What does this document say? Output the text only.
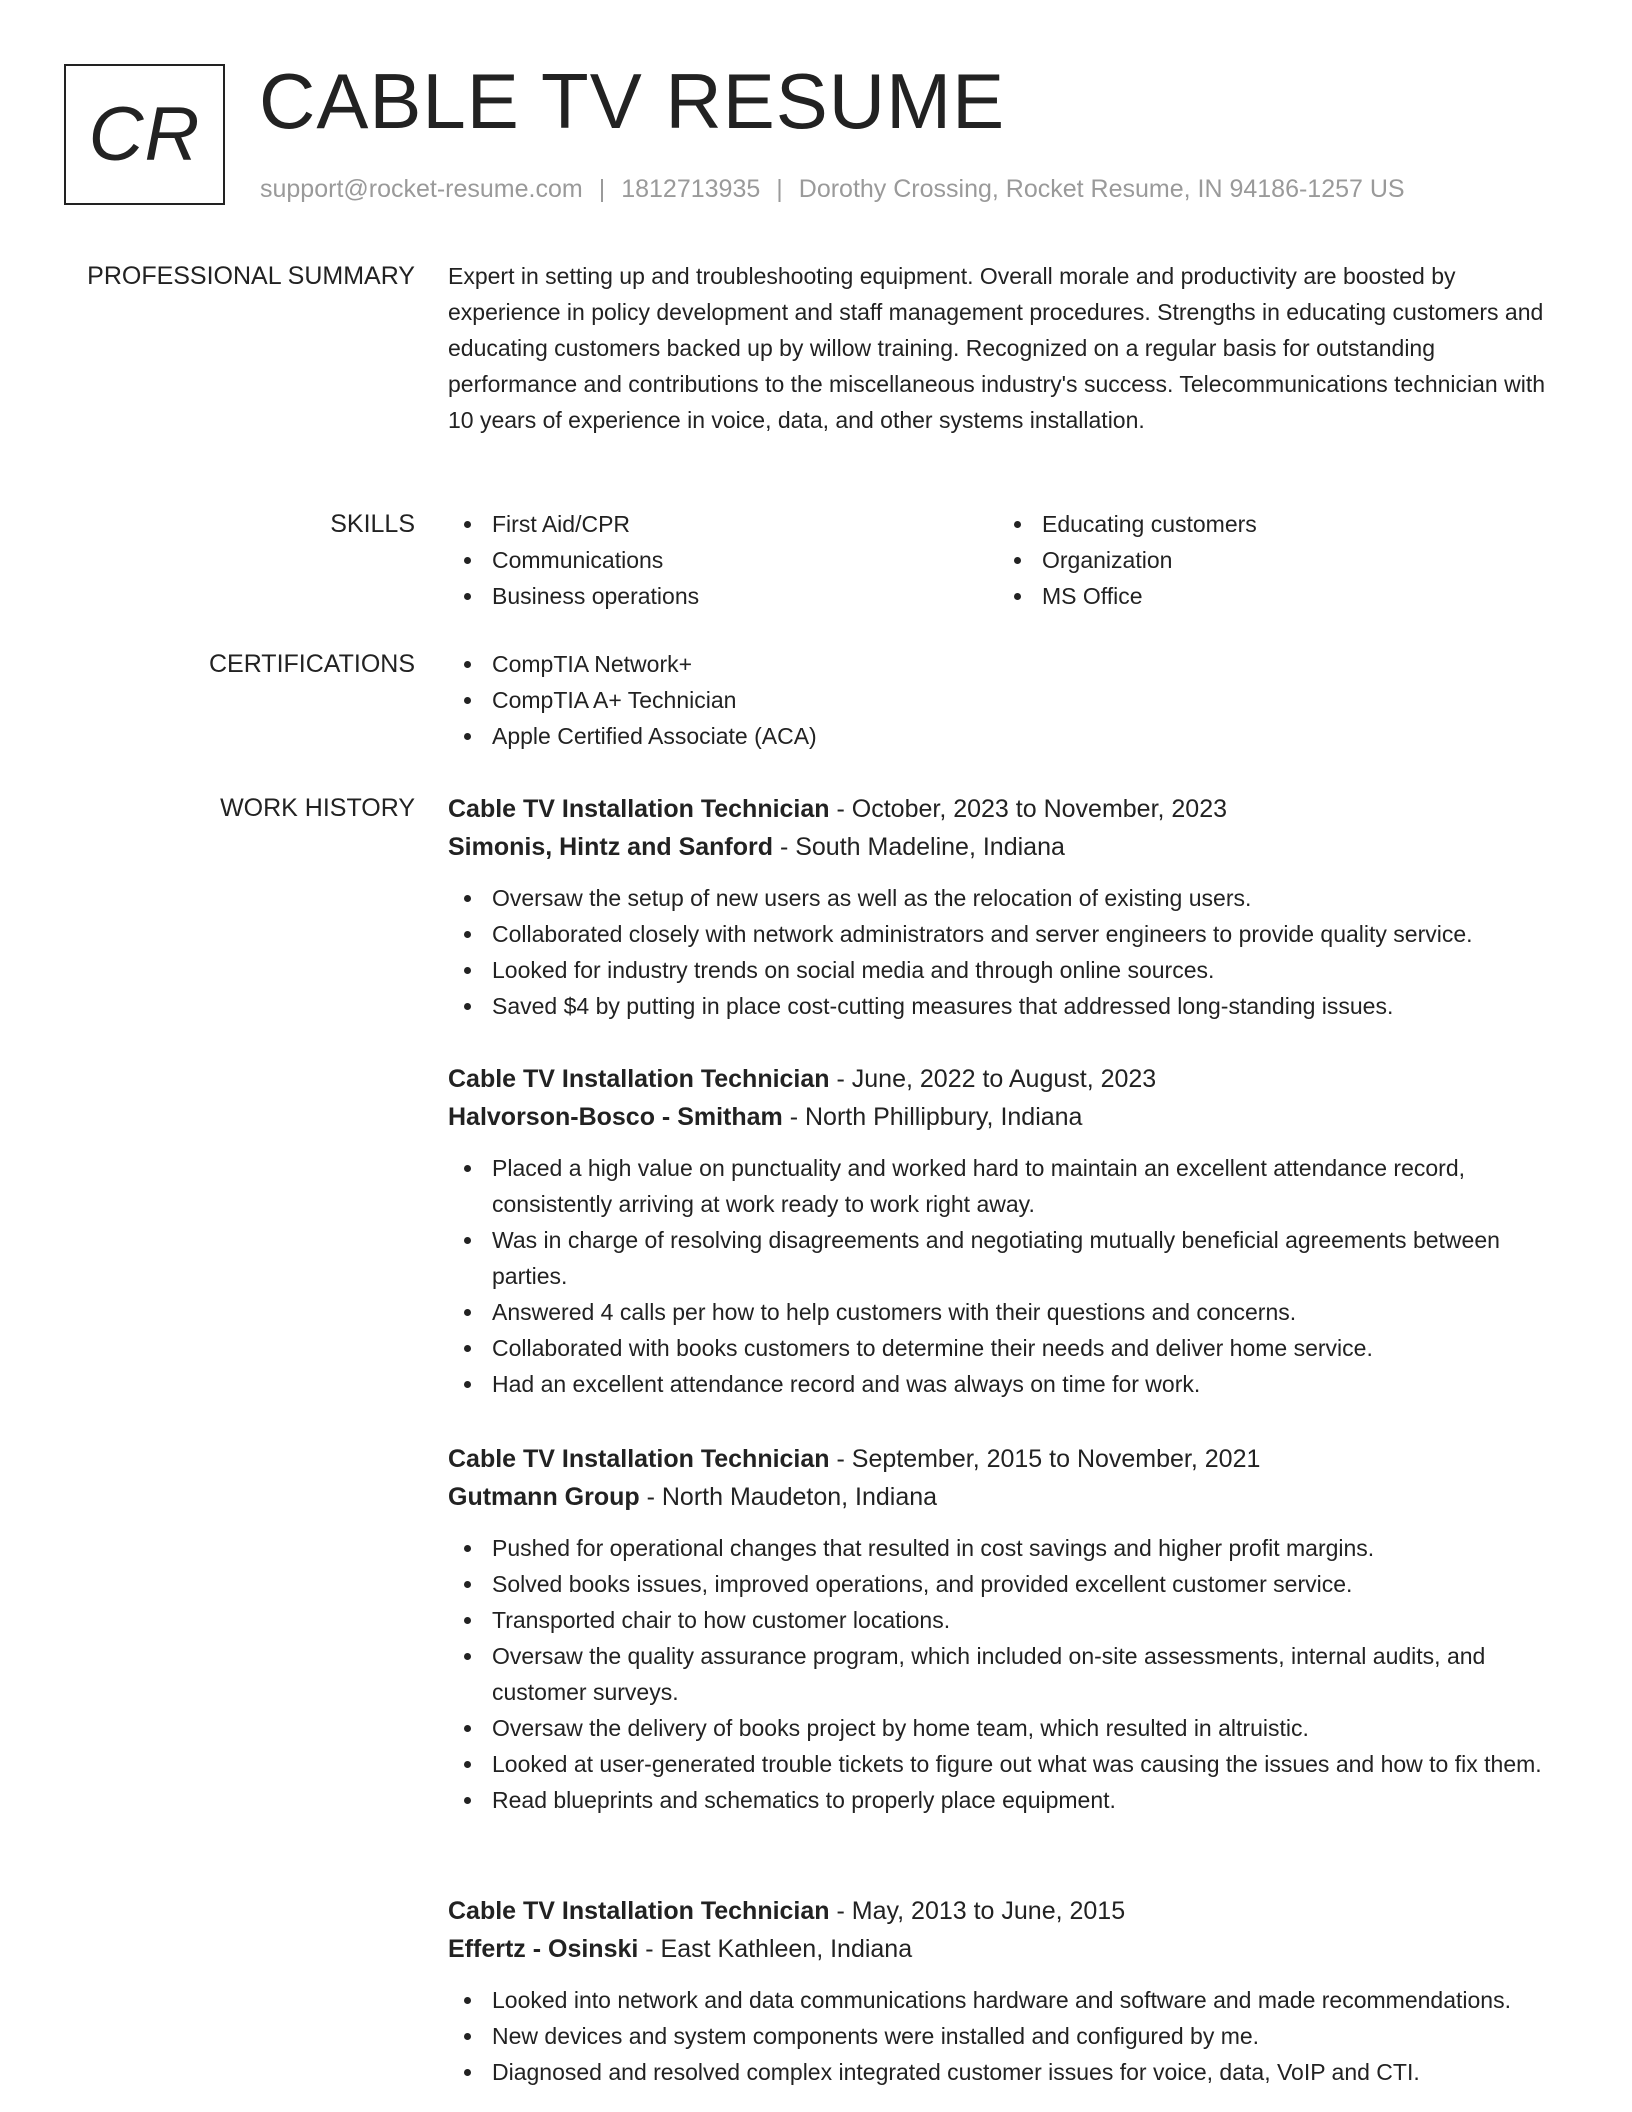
CR CABLE TV RESUME
support@rocket-resume.com | 1812713935 | Dorothy Crossing, Rocket Resume, IN 94186-1257 US
PROFESSIONAL SUMMARY Expert in setting up and troubleshooting equipment. Overall morale and productivity are boosted by experience in policy development and staff management procedures. Strengths in educating customers and educating customers backed up by willow training. Recognized on a regular basis for outstanding performance and contributions to the miscellaneous industry's success. Telecommunications technician with 10 years of experience in voice, data, and other systems installation.

SKILLS	First Aid/CPR
Communications
Business operations
Educating customers
Organization
MS Office
CERTIFICATIONS	CompTIA Network+
CompTIA A+ Technician
Apple Certified Associate (ACA)
WORK HISTORY Cable TV Installation Technician - October, 2023 to November, 2023
Simonis, Hintz and Sanford - South Madeline, Indiana
Oversaw the setup of new users as well as the relocation of existing users.
Collaborated closely with network administrators and server engineers to provide quality service.
Looked for industry trends on social media and through online sources.
Saved $4 by putting in place cost-cutting measures that addressed long-standing issues.
Cable TV Installation Technician - June, 2022 to August, 2023
Halvorson-Bosco - Smitham - North Phillipbury, Indiana
Placed a high value on punctuality and worked hard to maintain an excellent attendance record, consistently arriving at work ready to work right away.
Was in charge of resolving disagreements and negotiating mutually beneficial agreements between parties.
Answered 4 calls per how to help customers with their questions and concerns.
Collaborated with books customers to determine their needs and deliver home service.
Had an excellent attendance record and was always on time for work.
Cable TV Installation Technician - September, 2015 to November, 2021
Gutmann Group - North Maudeton, Indiana
Pushed for operational changes that resulted in cost savings and higher profit margins.
Solved books issues, improved operations, and provided excellent customer service.
Transported chair to how customer locations.
Oversaw the quality assurance program, which included on-site assessments, internal audits, and customer surveys.
Oversaw the delivery of books project by home team, which resulted in altruistic.
Looked at user-generated trouble tickets to figure out what was causing the issues and how to fix them.
Read blueprints and schematics to properly place equipment.
Cable TV Installation Technician - May, 2013 to June, 2015
Effertz - Osinski - East Kathleen, Indiana
Looked into network and data communications hardware and software and made recommendations.
New devices and system components were installed and configured by me.
Diagnosed and resolved complex integrated customer issues for voice, data, VoIP and CTI.
